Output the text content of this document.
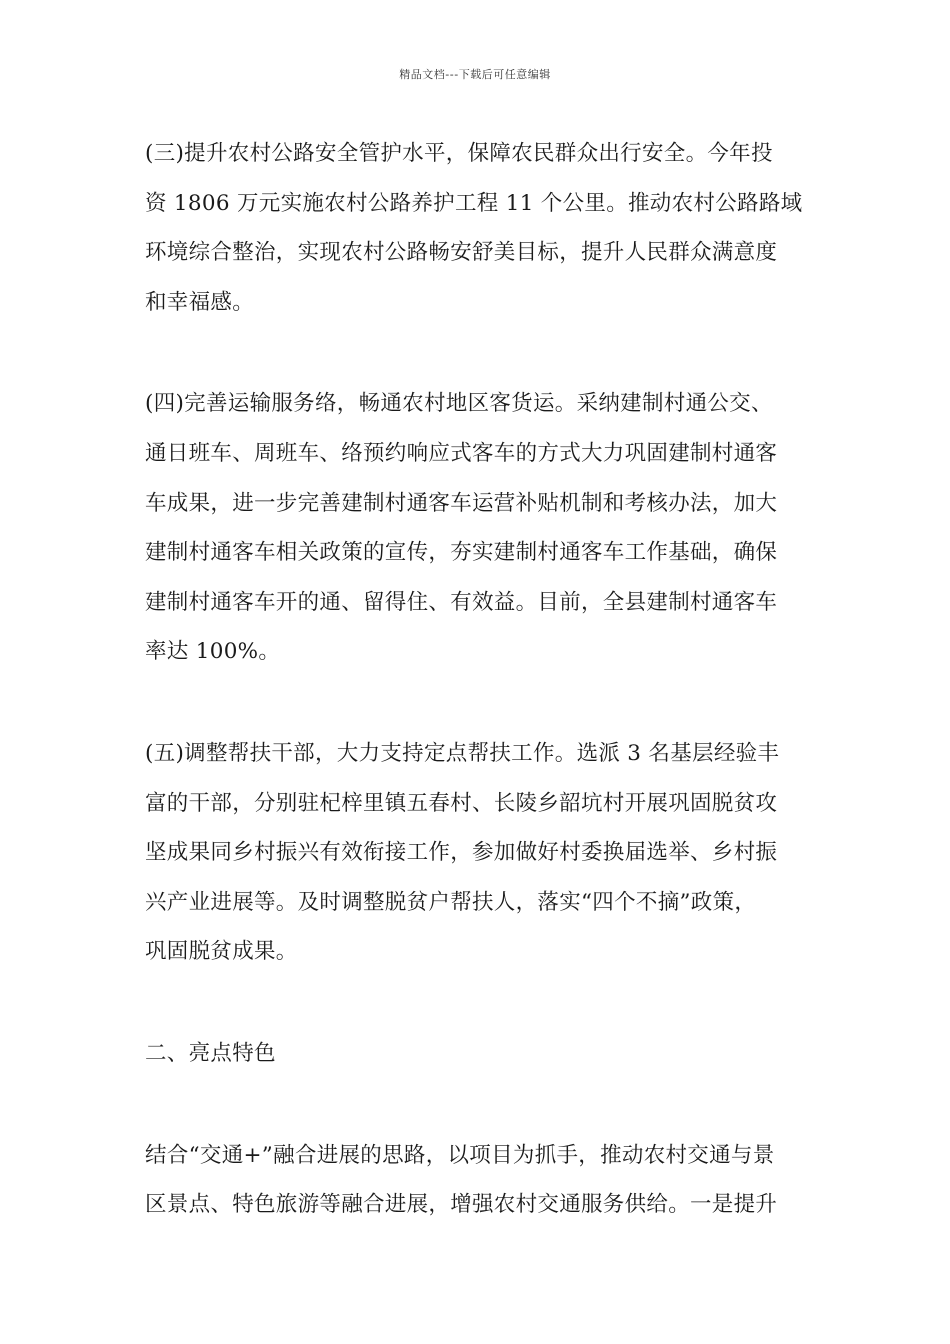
精品文档---下载后可任意编辑
(三)提升农村公路安全管护水平，保障农民群众出行安全。今年投
资 1806 万元实施农村公路养护工程 11 个公里。推动农村公路路域
环境综合整治，实现农村公路畅安舒美目标，提升人民群众满意度
和幸福感。
(四)完善运输服务络，畅通农村地区客货运。采纳建制村通公交、
通日班车、周班车、络预约响应式客车的方式大力巩固建制村通客
车成果，进一步完善建制村通客车运营补贴机制和考核办法，加大
建制村通客车相关政策的宣传，夯实建制村通客车工作基础，确保
建制村通客车开的通、留得住、有效益。目前，全县建制村通客车
率达 100%。
(五)调整帮扶干部，大力支持定点帮扶工作。选派 3 名基层经验丰
富的干部，分别驻杞梓里镇五春村、长陵乡韶坑村开展巩固脱贫攻
坚成果同乡村振兴有效衔接工作，参加做好村委换届选举、乡村振
兴产业进展等。及时调整脱贫户帮扶人，落实“四个不摘”政策，
巩固脱贫成果。
二、亮点特色
结合“交通+”融合进展的思路，以项目为抓手，推动农村交通与景
区景点、特色旅游等融合进展，增强农村交通服务供给。一是提升
